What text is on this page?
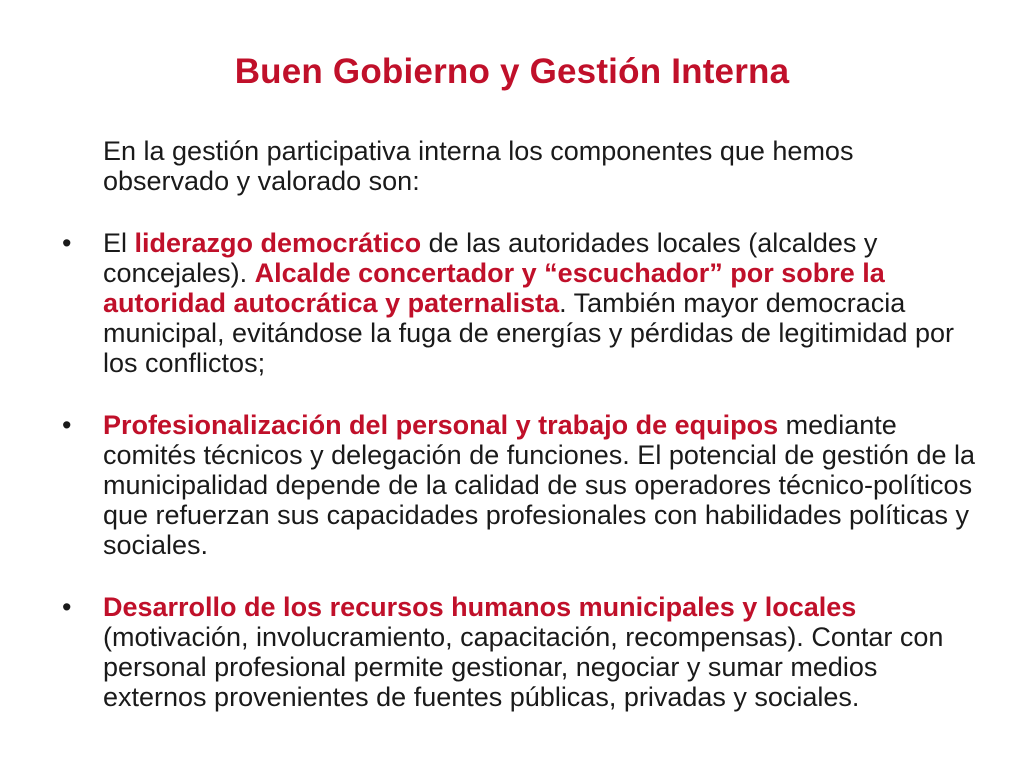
Buen Gobierno y Gestión Interna

En la gestión participativa interna los componentes que hemos observado y valorado son:

• El liderazgo democrático de las autoridades locales (alcaldes y concejales). Alcalde concertador y “escuchador” por sobre la autoridad autocrática y paternalista. También mayor democracia municipal, evitándose la fuga de energías y pérdidas de legitimidad por los conflictos;
• Profesionalización del personal y trabajo de equipos mediante comités técnicos y delegación de funciones. El potencial de gestión de la municipalidad depende de la calidad de sus operadores técnico-políticos que refuerzan sus capacidades profesionales con habilidades políticas y sociales.
• Desarrollo de los recursos humanos municipales y locales (motivación, involucramiento, capacitación, recompensas). Contar con personal profesional permite gestionar, negociar y sumar medios externos provenientes de fuentes públicas, privadas y sociales.
